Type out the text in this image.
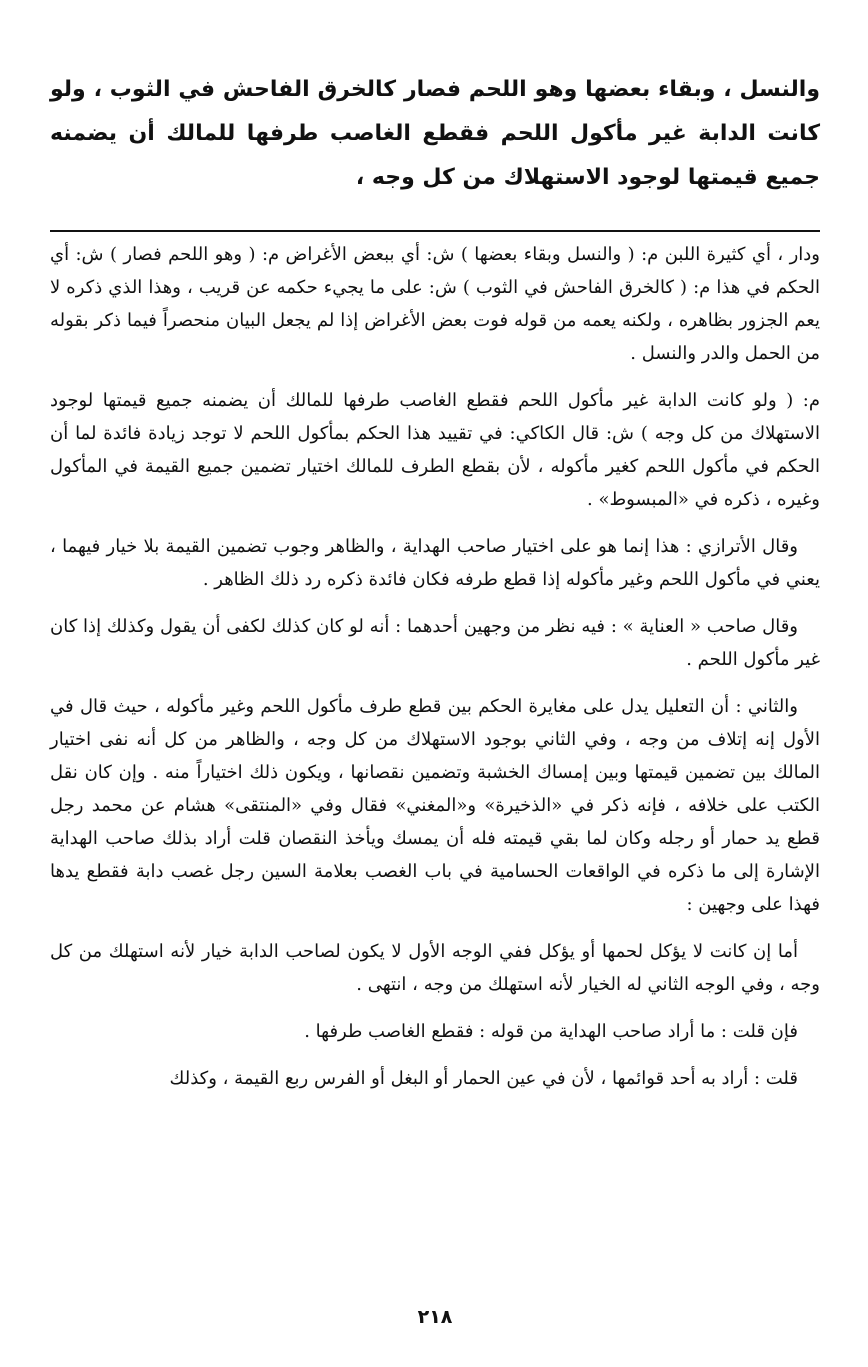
والنسل ، وبقاء بعضها وهو اللحم فصار كالخرق الفاحش في الثوب ، ولو كانت الدابة غير مأكول اللحم فقطع الغاصب طرفها للمالك أن يضمنه جميع قيمتها لوجود الاستهلاك من كل وجه ،

ودار ، أي كثيرة اللبن م: ( والنسل وبقاء بعضها ) ش: أي ببعض الأغراض م: ( وهو اللحم فصار ) ش: أي الحكم في هذا م: ( كالخرق الفاحش في الثوب ) ش: على ما يجيء حكمه عن قريب ، وهذا الذي ذكره لا يعم الجزور بظاهره ، ولكنه يعمه من قوله فوت بعض الأغراض إذا لم يجعل البيان منحصراً فيما ذكر بقوله من الحمل والدر والنسل .

م: ( ولو كانت الدابة غير مأكول اللحم فقطع الغاصب طرفها للمالك أن يضمنه جميع قيمتها لوجود الاستهلاك من كل وجه ) ش: قال الكاكي: في تقييد هذا الحكم بمأكول اللحم لا توجد زيادة فائدة لما أن الحكم في مأكول اللحم كغير مأكوله ، لأن بقطع الطرف للمالك اختيار تضمين جميع القيمة في المأكول وغيره ، ذكره في «المبسوط» .

وقال الأترازي : هذا إنما هو على اختيار صاحب الهداية ، والظاهر وجوب تضمين القيمة بلا خيار فيهما ، يعني في مأكول اللحم وغير مأكوله إذا قطع طرفه فكان فائدة ذكره رد ذلك الظاهر .

وقال صاحب « العناية » : فيه نظر من وجهين أحدهما : أنه لو كان كذلك لكفى أن يقول وكذلك إذا كان غير مأكول اللحم .

والثاني : أن التعليل يدل على مغايرة الحكم بين قطع طرف مأكول اللحم وغير مأكوله ، حيث قال في الأول إنه إتلاف من وجه ، وفي الثاني بوجود الاستهلاك من كل وجه ، والظاهر من كل أنه نفى اختيار المالك بين تضمين قيمتها وبين إمساك الخشبة وتضمين نقصانها ، ويكون ذلك اختياراً منه . وإن كان نقل الكتب على خلافه ، فإنه ذكر في «الذخيرة» و«المغني» فقال وفي «المنتقى» هشام عن محمد رجل قطع يد حمار أو رجله وكان لما بقي قيمته فله أن يمسك ويأخذ النقصان قلت أراد بذلك صاحب الهداية الإشارة إلى ما ذكره في الواقعات الحسامية في باب الغصب بعلامة السين رجل غصب دابة فقطع يدها فهذا على وجهين :

أما إن كانت لا يؤكل لحمها أو يؤكل ففي الوجه الأول لا يكون لصاحب الدابة خيار لأنه استهلك من كل وجه ، وفي الوجه الثاني له الخيار لأنه استهلك من وجه ، انتهى .

فإن قلت : ما أراد صاحب الهداية من قوله : فقطع الغاصب طرفها .

قلت : أراد به أحد قوائمها ، لأن في عين الحمار أو البغل أو الفرس ربع القيمة ، وكذلك

٢١٨
